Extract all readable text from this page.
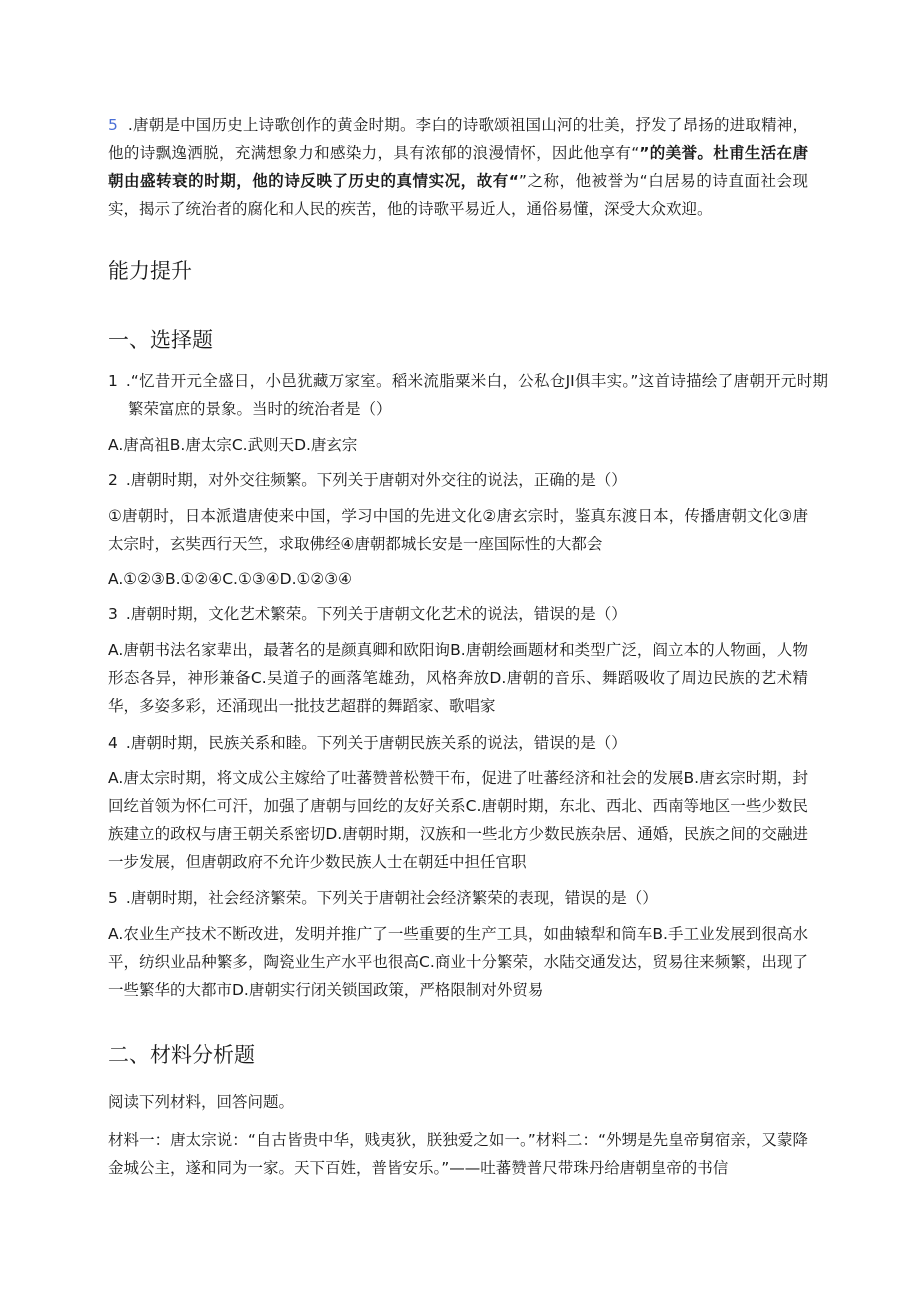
5 .唐朝是中国历史上诗歌创作的黄金时期。李白的诗歌颂祖国山河的壮美，抒发了昂扬的进取精神，他的诗飘逸洒脱，充满想象力和感染力，具有浓郁的浪漫情怀，因此他享有“”的美誉。杜甫生活在唐朝由盛转衰的时期，他的诗反映了历史的真情实况，故有“”之称，他被誉为“白居易的诗直面社会现实，揭示了统治者的腐化和人民的疾苦，他的诗歌平易近人，通俗易懂，深受大众欢迎。

能力提升
一、选择题

1 .“忆昔开元全盛日，小邑犹藏万家室。稻米流脂粟米白，公私仓JI俱丰实。”这首诗描绘了唐朝开元时期繁荣富庶的景象。当时的统治者是（）

A.唐高祖B.唐太宗C.武则天D.唐玄宗

2 .唐朝时期，对外交往频繁。下列关于唐朝对外交往的说法，正确的是（）

①唐朝时，日本派遣唐使来中国，学习中国的先进文化②唐玄宗时，鉴真东渡日本，传播唐朝文化③唐太宗时，玄奘西行天竺，求取佛经④唐朝都城长安是一座国际性的大都会

A.①②③B.①②④C.①③④D.①②③④

3 .唐朝时期，文化艺术繁荣。下列关于唐朝文化艺术的说法，错误的是（）

A.唐朝书法名家辈出，最著名的是颜真卿和欧阳询B.唐朝绘画题材和类型广泛，阎立本的人物画，人物形态各异，神形兼备C.吴道子的画落笔雄劲，风格奔放D.唐朝的音乐、舞蹈吸收了周边民族的艺术精华，多姿多彩，还涌现出一批技艺超群的舞蹈家、歌唱家

4 .唐朝时期，民族关系和睦。下列关于唐朝民族关系的说法，错误的是（）

A.唐太宗时期，将文成公主嫁给了吐蕃赞普松赞干布，促进了吐蕃经济和社会的发展B.唐玄宗时期，封回纥首领为怀仁可汗，加强了唐朝与回纥的友好关系C.唐朝时期，东北、西北、西南等地区一些少数民族建立的政权与唐王朝关系密切D.唐朝时期，汉族和一些北方少数民族杂居、通婚，民族之间的交融进一步发展，但唐朝政府不允许少数民族人士在朝廷中担任官职

5 .唐朝时期，社会经济繁荣。下列关于唐朝社会经济繁荣的表现，错误的是（）

A.农业生产技术不断改进，发明并推广了一些重要的生产工具，如曲辕犁和筒车B.手工业发展到很高水平，纺织业品种繁多，陶瓷业生产水平也很高C.商业十分繁荣，水陆交通发达，贸易往来频繁，出现了一些繁华的大都市D.唐朝实行闭关锁国政策，严格限制对外贸易

二、材料分析题

阅读下列材料，回答问题。

材料一：唐太宗说：“自古皆贵中华，贱夷狄，朕独爱之如一。”材料二：“外甥是先皇帝舅宿亲，又蒙降金城公主，遂和同为一家。天下百姓，普皆安乐。”——吐蕃赞普尺带珠丹给唐朝皇帝的书信
